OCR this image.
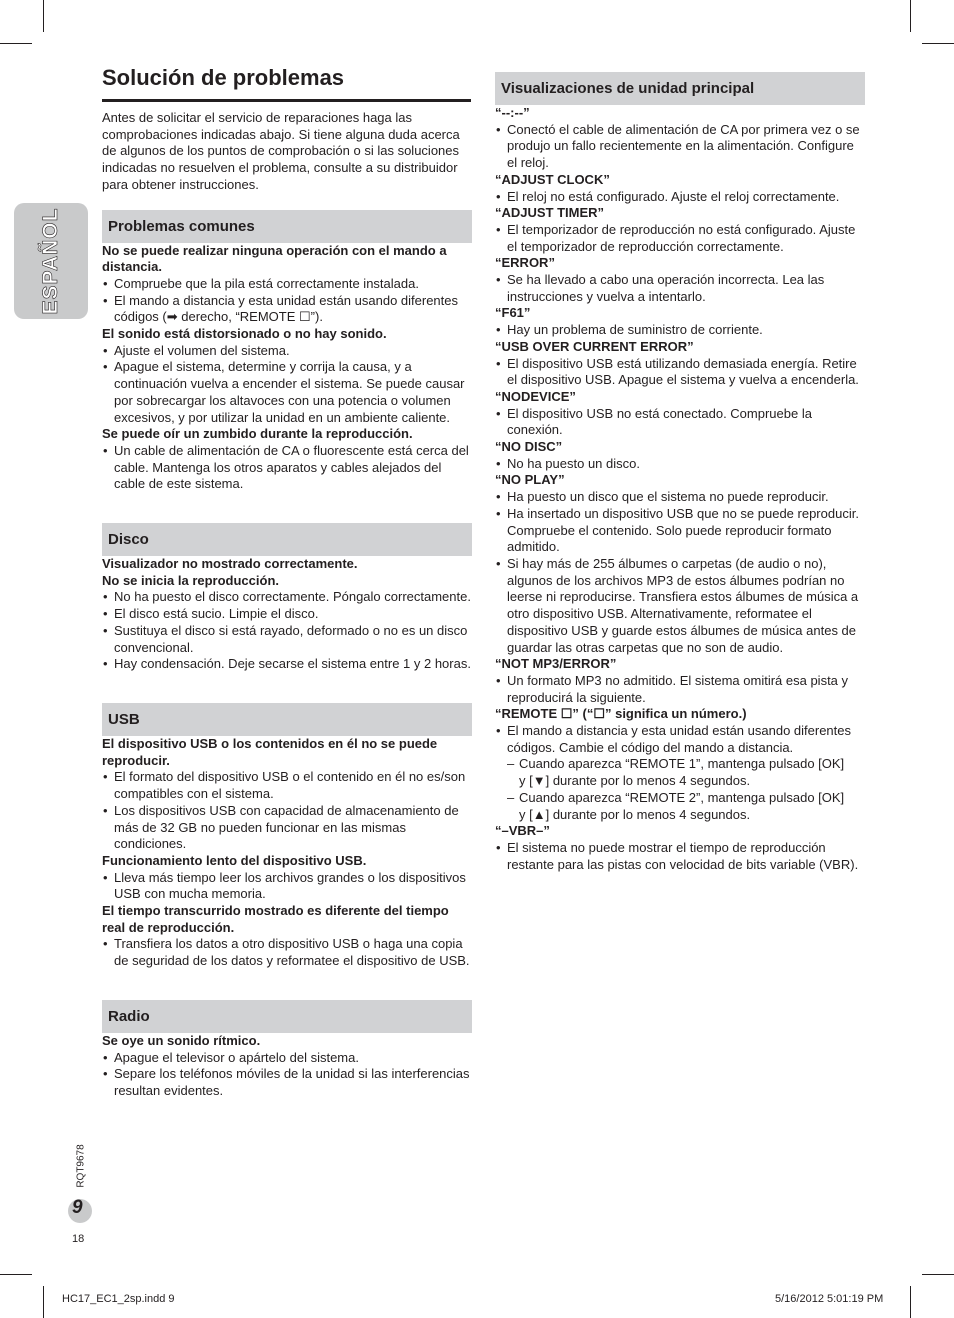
ESPAÑOL
Solución de problemas

Antes de solicitar el servicio de reparaciones haga las comprobaciones indicadas abajo. Si tiene alguna duda acerca de algunos de los puntos de comprobación o si las soluciones indicadas no resuelven el problema, consulte a su distribuidor para obtener instrucciones.

Problemas comunes

No se puede realizar ninguna operación con el mando a distancia.

• Compruebe que la pila está correctamente instalada.

• El mando a distancia y esta unidad están usando diferentes códigos (➡ derecho, “REMOTE ☐”).

El sonido está distorsionado o no hay sonido.

• Ajuste el volumen del sistema.

• Apague el sistema, determine y corrija la causa, y a continuación vuelva a encender el sistema. Se puede causar por sobrecargar los altavoces con una potencia o volumen excesivos, y por utilizar la unidad en un ambiente caliente.

Se puede oír un zumbido durante la reproducción.

• Un cable de alimentación de CA o fluorescente está cerca del cable. Mantenga los otros aparatos y cables alejados del cable de este sistema.

Disco

Visualizador no mostrado correctamente.

No se inicia la reproducción.

• No ha puesto el disco correctamente. Póngalo correctamente.

• El disco está sucio. Limpie el disco.

• Sustituya el disco si está rayado, deformado o no es un disco convencional.

• Hay condensación. Deje secarse el sistema entre 1 y 2 horas.

USB

El dispositivo USB o los contenidos en él no se puede reproducir.

• El formato del dispositivo USB o el contenido en él no es/son compatibles con el sistema.

• Los dispositivos USB con capacidad de almacenamiento de más de 32 GB no pueden funcionar en las mismas condiciones.

Funcionamiento lento del dispositivo USB.

• Lleva más tiempo leer los archivos grandes o los dispositivos USB con mucha memoria.

El tiempo transcurrido mostrado es diferente del tiempo real de reproducción.

• Transfiera los datos a otro dispositivo USB o haga una copia de seguridad de los datos y reformatee el dispositivo de USB.

Radio

Se oye un sonido rítmico.

• Apague el televisor o apártelo del sistema.

• Separe los teléfonos móviles de la unidad si las interferencias resultan evidentes.

Visualizaciones de unidad principal

“--:--”

• Conectó el cable de alimentación de CA por primera vez o se produjo un fallo recientemente en la alimentación. Configure el reloj.

“ADJUST CLOCK”

• El reloj no está configurado. Ajuste el reloj correctamente.

“ADJUST TIMER”

• El temporizador de reproducción no está configurado. Ajuste el temporizador de reproducción correctamente.

“ERROR”

• Se ha llevado a cabo una operación incorrecta. Lea las instrucciones y vuelva a intentarlo.

“F61”

• Hay un problema de suministro de corriente.

“USB OVER CURRENT ERROR”

• El dispositivo USB está utilizando demasiada energía. Retire el dispositivo USB. Apague el sistema y vuelva a encenderla.

“NODEVICE”

• El dispositivo USB no está conectado. Compruebe la conexión.

“NO DISC”

• No ha puesto un disco.

“NO PLAY”

• Ha puesto un disco que el sistema no puede reproducir.

• Ha insertado un dispositivo USB que no se puede reproducir. Compruebe el contenido. Solo puede reproducir formato admitido.

• Si hay más de 255 álbumes o carpetas (de audio o no), algunos de los archivos MP3 de estos álbumes podrían no leerse ni reproducirse. Transfiera estos álbumes de música a otro dispositivo USB. Alternativamente, reformatee el dispositivo USB y guarde estos álbumes de música antes de guardar las otras carpetas que no son de audio.

“NOT MP3/ERROR”

• Un formato MP3 no admitido. El sistema omitirá esa pista y reproducirá la siguiente.

“REMOTE ☐” (“☐” significa un número.)

• El mando a distancia y esta unidad están usando diferentes códigos. Cambie el código del mando a distancia.

– Cuando aparezca “REMOTE 1”, mantenga pulsado [OK]

y [▼] durante por lo menos 4 segundos.

– Cuando aparezca “REMOTE 2”, mantenga pulsado [OK]

y [▲] durante por lo menos 4 segundos.

“–VBR–”

• El sistema no puede mostrar el tiempo de reproducción restante para las pistas con velocidad de bits variable (VBR).

RQT9678
9
18
HC17_EC1_2sp.indd 9	5/16/2012 5:01:19 PM
